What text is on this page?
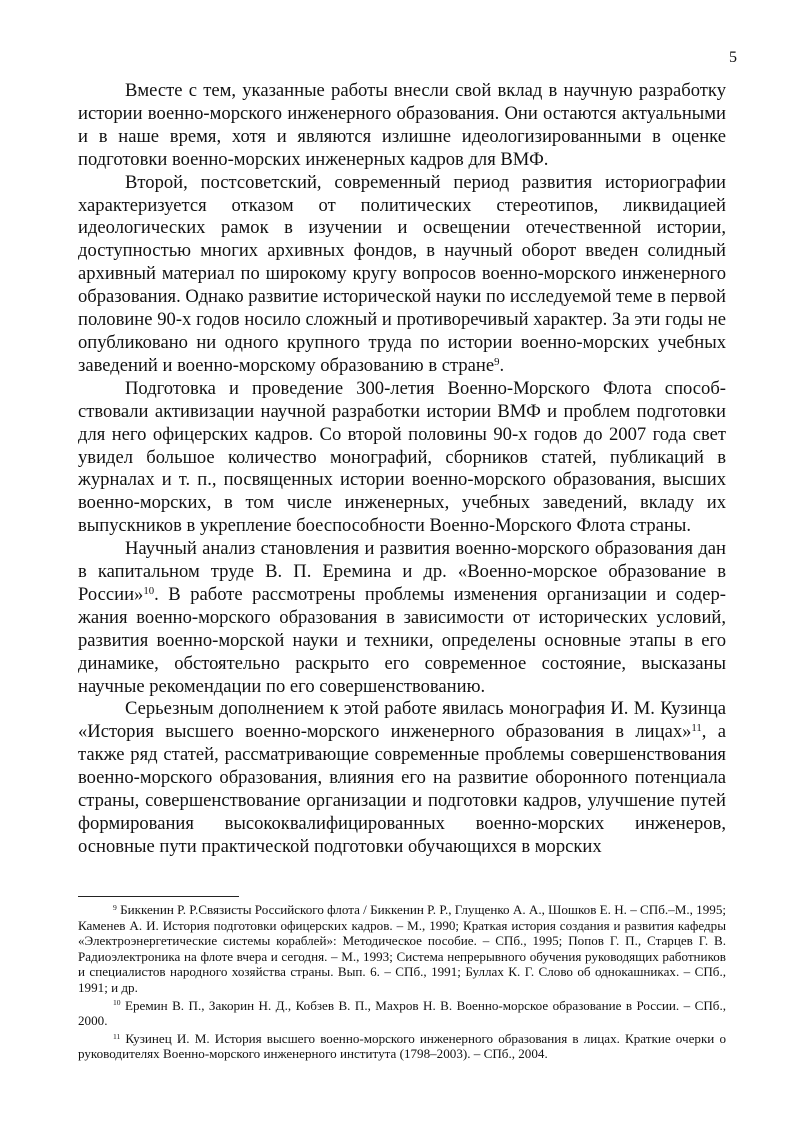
5

Вместе с тем, указанные работы внесли свой вклад в научную разработку истории военно-морского инженерного образования. Они остаются актуальными и в наше время, хотя и являются излишне идеологизированными в оценке подготовки военно-морских инженерных кадров для ВМФ.

Второй, постсоветский, современный период развития историографии характеризуется отказом от политических стереотипов, ликвидацией идеологических рамок в изучении и освещении отечественной истории, доступностью многих архивных фондов, в научный оборот введен солидный архивный материал по широкому кругу вопросов военно-морского инженерного образования. Однако развитие исторической науки по исследуемой теме в первой половине 90-х годов носило сложный и противоречивый характер. За эти годы не опубликовано ни одного крупного труда по истории военно-морских учебных заведений и военно-морскому образованию в стране$^9$.

Подготовка и проведение 300-летия Военно-Морского Флота способствовали активизации научной разработки истории ВМФ и проблем подготовки для него офицерских кадров. Со второй половины 90-х годов до 2007 года свет увидел большое количество монографий, сборников статей, публикаций в журналах и т. п., посвященных истории военно-морского образования, высших военно-морских, в том числе инженерных, учебных заведений, вкладу их выпускников в укрепление боеспособности Военно-Морского Флота страны.

Научный анализ становления и развития военно-морского образования дан в капитальном труде В. П. Еремина и др. «Военно-морское образование в России»$^{10}$. В работе рассмотрены проблемы изменения организации и содержания военно-морского образования в зависимости от исторических условий, развития военно-морской науки и техники, определены основные этапы в его динамике, обстоятельно раскрыто его современное состояние, высказаны научные рекомендации по его совершенствованию.

Серьезным дополнением к этой работе явилась монография И. М. Кузинца «История высшего военно-морского инженерного образования в лицах»$^{11}$, а также ряд статей, рассматривающие современные проблемы совершенствования военно-морского образования, влияния его на развитие оборонного потенциала страны, совершенствование организации и подготовки кадров, улучшение путей формирования высококвалифицированных военно-морских инженеров, основные пути практической подготовки обучающихся в морских

$^9$ Биккенин Р. Р.Связисты Российского флота / Биккенин Р. Р., Глущенко А. А., Шошков Е. Н. – СПб.–М., 1995; Каменев А. И. История подготовки офицерских кадров. – М., 1990; Краткая история создания и развития кафедры «Электроэнергетические системы кораблей»: Методическое пособие. – СПб., 1995; Попов Г. П., Старцев Г. В. Радиоэлектроника на флоте вчера и сегодня. – М., 1993; Система непрерывного обучения руководящих работников и специалистов народного хозяйства страны. Вып. 6. – СПб., 1991; Буллах К. Г. Слово об однокашниках. – СПб., 1991; и др.

$^{10}$ Еремин В. П., Закорин Н. Д., Кобзев В. П., Махров Н. В. Военно-морское образование в России. – СПб., 2000.

$^{11}$ Кузинец И. М. История высшего военно-морского инженерного образования в лицах. Краткие очерки о руководителях Военно-морского инженерного института (1798–2003). – СПб., 2004.
